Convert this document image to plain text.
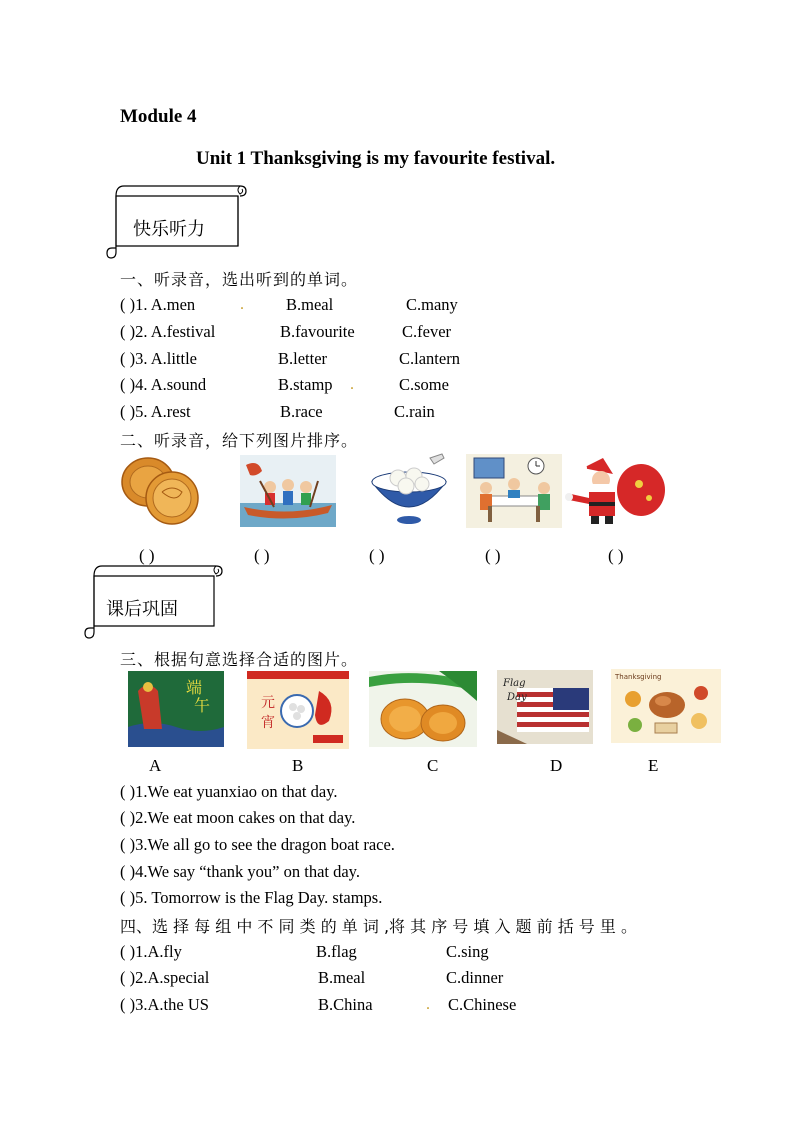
Module 4
Unit 1 Thanksgiving is my favourite festival.
快乐听力
一、听录音，选出听到的单词。
( )1. A.men	.	B.meal	C.many
( )2. A.festival	B.favourite	C.fever
( )3. A.little	B.letter	C.lantern
( )4. A.sound	B.stamp .	C.some
( )5. A.rest	B.race	C.rain
二、听录音，给下列图片排序。
( )	( )	( )	( )	( )
课后巩固
三、根据句意选择合适的图片。
端
午	元
宵
Flag
Day
Thanksgiving
A	B	C	D	E
( )1.We eat yuanxiao on that day.
( )2.We eat moon cakes on that day.
( )3.We all go to see the dragon boat race.
( )4.We say “thank you” on that day.
( )5. Tomorrow is the Flag Day. stamps.
四、选 择 每 组 中 不 同 类 的 单 词 ,将 其 序 号 填 入 题 前 括 号 里 。
( )1.A.fly	B.flag	C.sing
( )2.A.special	B.meal	C.dinner
( )3.A.the US	B.China	. C.Chinese
